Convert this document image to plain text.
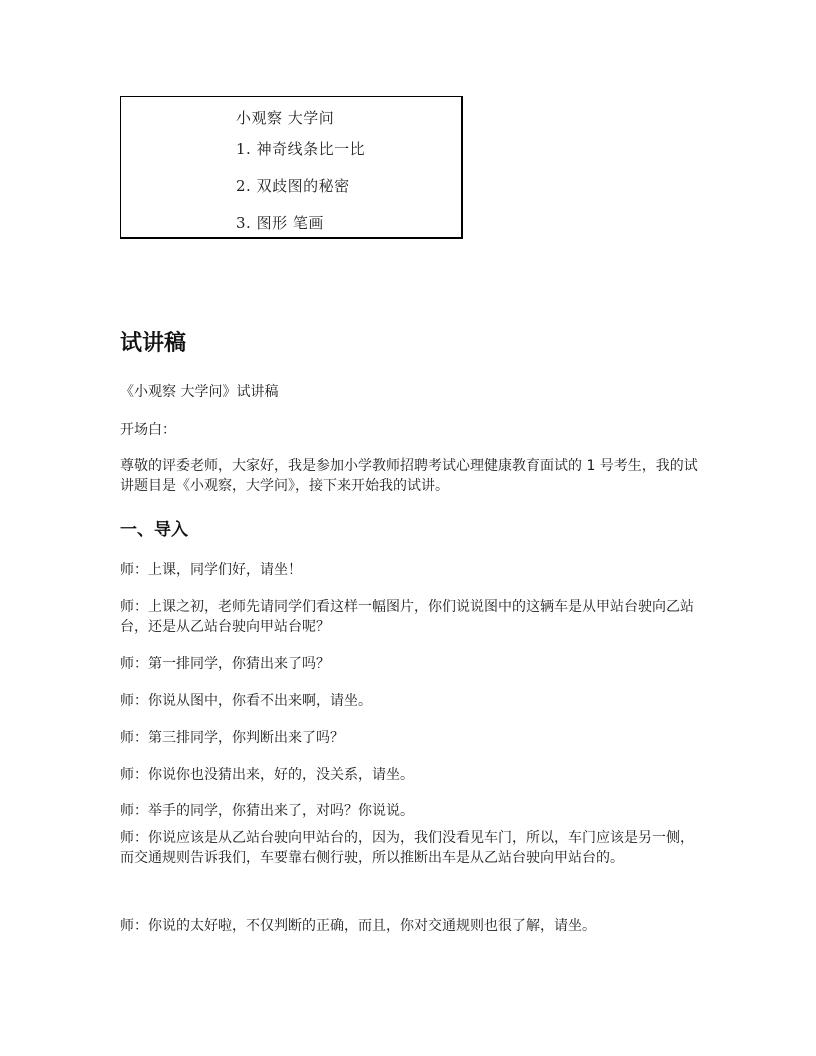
小观察 大学问
1. 神奇线条比一比
2. 双歧图的秘密
3. 图形 笔画
试讲稿

《小观察 大学问》试讲稿

开场白：

尊敬的评委老师，大家好，我是参加小学教师招聘考试心理健康教育面试的 1 号考生，我的试讲题目是《小观察，大学问》，接下来开始我的试讲。

一、导入

师：上课，同学们好，请坐！

师：上课之初，老师先请同学们看这样一幅图片，你们说说图中的这辆车是从甲站台驶向乙站台，还是从乙站台驶向甲站台呢？

师：第一排同学，你猜出来了吗？

师：你说从图中，你看不出来啊，请坐。

师：第三排同学，你判断出来了吗？

师：你说你也没猜出来，好的，没关系，请坐。

师：举手的同学，你猜出来了，对吗？你说说。

师：你说应该是从乙站台驶向甲站台的，因为，我们没看见车门，所以，车门应该是另一侧，而交通规则告诉我们，车要靠右侧行驶，所以推断出车是从乙站台驶向甲站台的。

师：你说的太好啦，不仅判断的正确，而且，你对交通规则也很了解，请坐。
